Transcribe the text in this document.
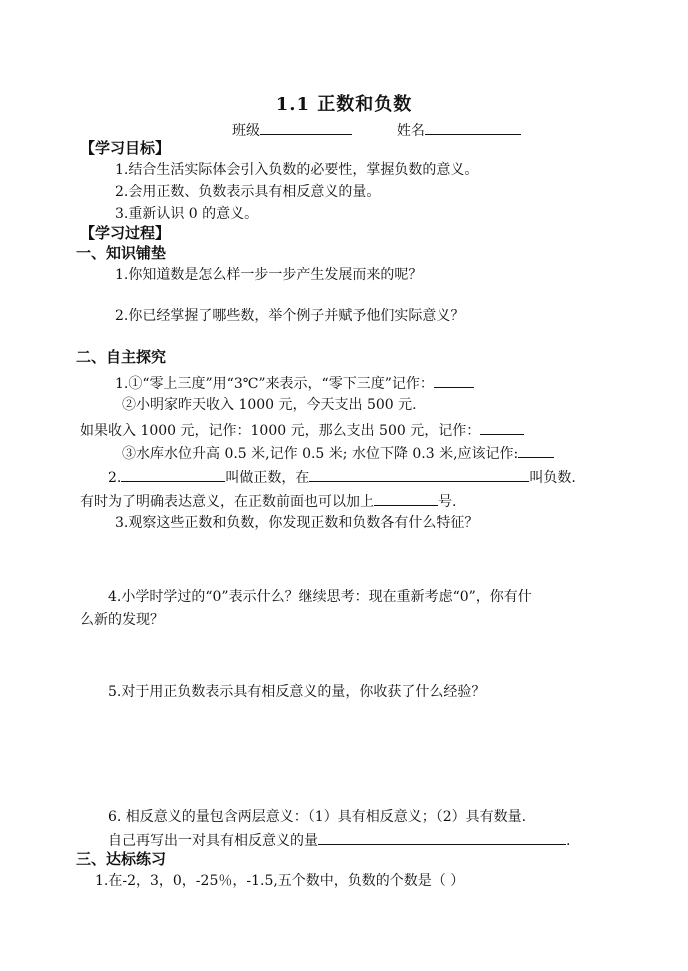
1.1 正数和负数
班级	姓名
【学习目标】
1.结合生活实际体会引入负数的必要性，掌握负数的意义。
2.会用正数、负数表示具有相反意义的量。
3.重新认识 0 的意义。
【学习过程】
一、知识铺垫
1.你知道数是怎么样一步一步产生发展而来的呢？
2.你已经掌握了哪些数，举个例子并赋予他们实际意义？
二、自主探究
1.①“零上三度”用“3℃”来表示，“零下三度”记作：
②小明家昨天收入 1000 元，今天支出 500 元.
如果收入 1000 元，记作：1000 元，那么支出 500 元，记作：
③水库水位升高 0.5 米,记作 0.5 米; 水位下降 0.3 米,应该记作:
2.	叫做正数，在	叫负数.
有时为了明确表达意义，在正数前面也可以加上	号.
3.观察这些正数和负数，你发现正数和负数各有什么特征？
4.小学时学过的“0”表示什么？继续思考：现在重新考虑“0”，你有什
么新的发现？
5.对于用正负数表示具有相反意义的量，你收获了什么经验？
6. 相反意义的量包含两层意义：（1）具有相反意义；（2）具有数量.
自己再写出一对具有相反意义的量	.
三、达标练习
1.在-2，3，0，-25％，-1.5,五个数中，负数的个数是（ ）
